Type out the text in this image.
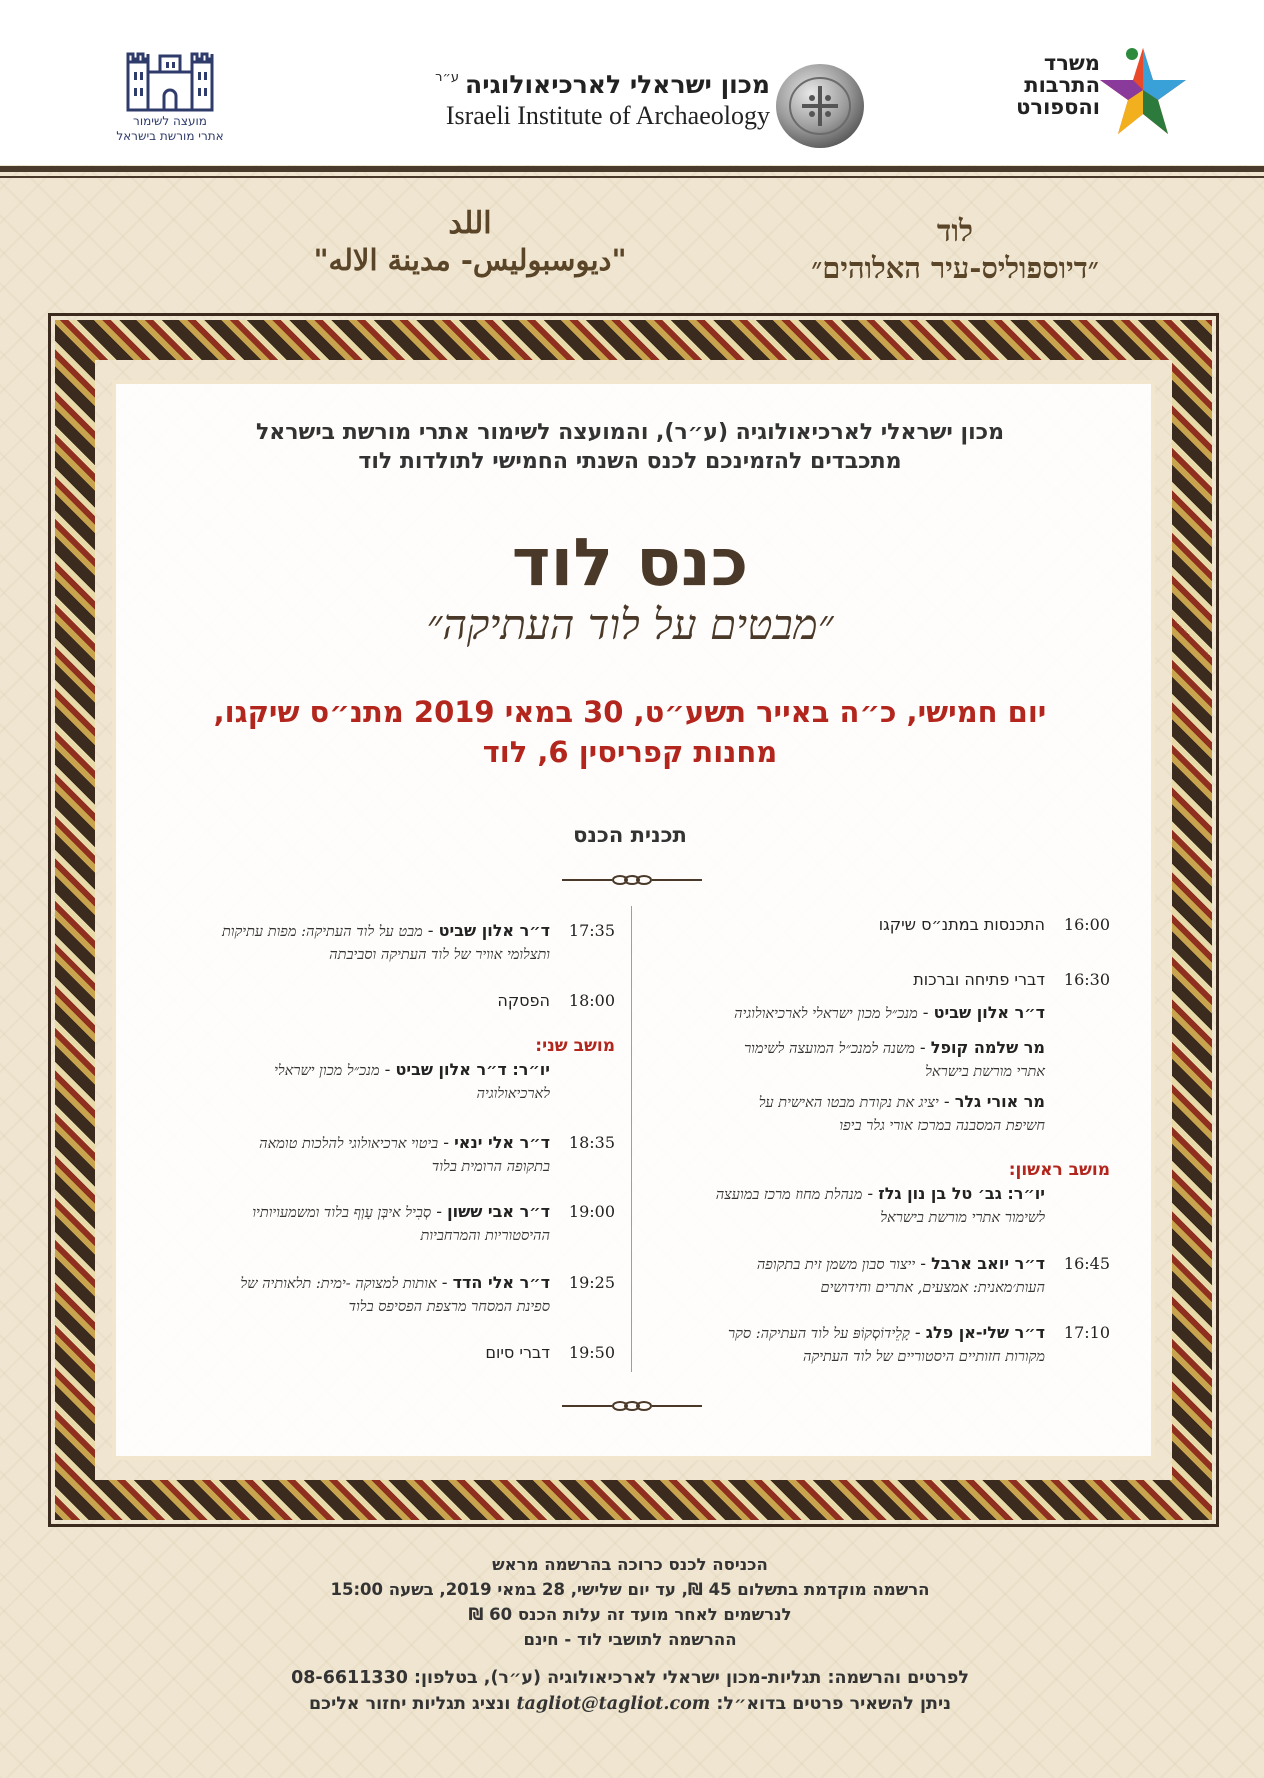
מועצה לשימור
אתרי מורשת בישראל
מכון ישראלי לארכיאולוגיה$^{ע״ר}$
Israeli Institute of Archaeology
משרד
התרבות
והספורט
לוד
״דיוספוליס-עיר האלוהים״
اللد
"ديوسبوليس- مدينة الاله"
מכון ישראלי לארכיאולוגיה (ע״ר), והמועצה לשימור אתרי מורשת בישראל
מתכבדים להזמינכם לכנס השנתי החמישי לתולדות לוד
כנס לוד
״מבטים על לוד העתיקה״
יום חמישי, כ״ה באייר תשע״ט, 30 במאי 2019 מתנ״ס שיקגו,
מחנות קפריסין 6, לוד
תכנית הכנס
16:00
התכנסות במתנ״ס שיקגו
16:30
דברי פתיחה וברכות
ד״ר אלון שביט - מנכ״ל מכון ישראלי לארכיאולוגיה
מר שלמה קופל - משנה למנכ״ל המועצה לשימור
אתרי מורשת בישראל
מר אורי גלר - יציג את נקודת מבטו האישית על
חשיפת המסבנה במרכז אורי גלר ביפו
מושב ראשון:
יו״ר: גב׳ טל בן נון גלז - מנהלת מחוז מרכז במועצה
לשימור אתרי מורשת בישראל
16:45
ד״ר יואב ארבל - ייצור סבון משמן זית בתקופה
העות׳מאנית: אמצעים, אתרים וחידושים
17:10
ד״ר שלי-אן פלג - קָלֵידוֹסְקוֹפּ על לוד העתיקה: סקר
מקורות חזותיים היסטוריים של לוד העתיקה
17:35
ד״ר אלון שביט - מבט על לוד העתיקה: מפות עתיקות
ותצלומי אוויר של לוד העתיקה וסביבתה
18:00
הפסקה
מושב שני:
יו״ר: ד״ר אלון שביט - מנכ״ל מכון ישראלי
לארכיאולוגיה
18:35
ד״ר אלי ינאי - ביטוי ארכיאולוגי להלכות טומאה
בתקופה הרומית בלוד
19:00
ד״ר אבי ששון - סְבִיל איבְּן עָוְף בלוד ומשמעויותיו
ההיסטוריות והמרחביות
19:25
ד״ר אלי הדד - אותות למצוקה -ימית: תלאותיה של
ספינת המסחר מרצפת הפסיפס בלוד
19:50
דברי סיום
הכניסה לכנס כרוכה בהרשמה מראש
הרשמה מוקדמת בתשלום 45 ₪, עד יום שלישי, 28 במאי 2019, בשעה 15:00
לנרשמים לאחר מועד זה עלות הכנס 60 ₪
ההרשמה לתושבי לוד - חינם
לפרטים והרשמה: תגליות-מכון ישראלי לארכיאולוגיה (ע״ר), בטלפון: 08-6611330
ניתן להשאיר פרטים בדוא״ל: tagliot@tagliot.com ונציג תגליות יחזור אליכם
